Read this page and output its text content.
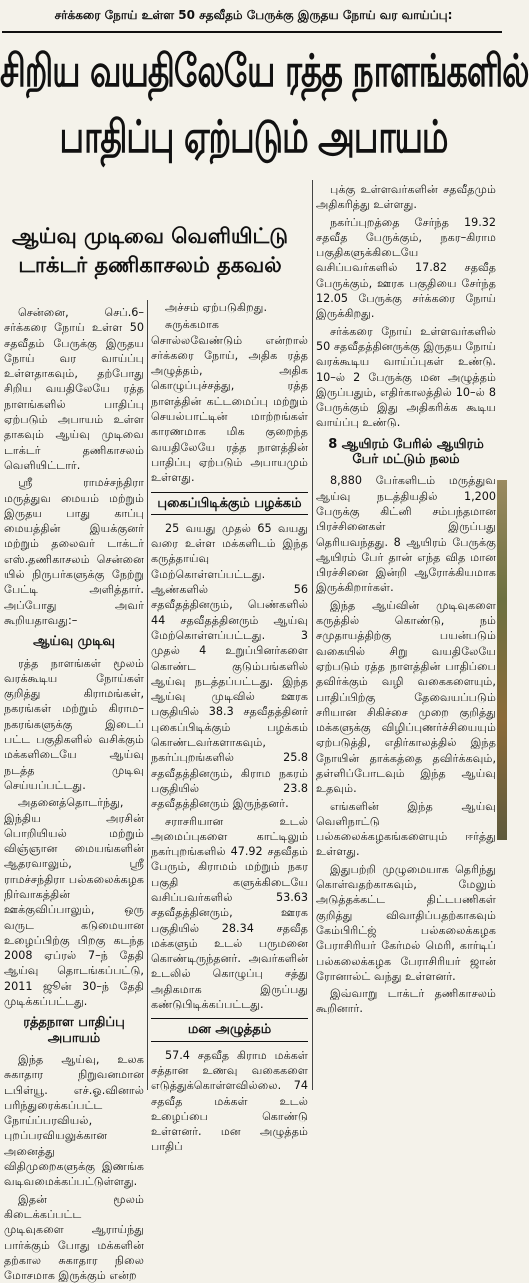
சர்க்கரை நோய் உள்ள 50 சதவீதம் பேருக்கு இருதய நோய் வர வாய்ப்பு:
சிறிய வயதிலேயே ரத்த நாளங்களில்
பாதிப்பு ஏற்படும் அபாயம்
ஆய்வு முடிவை வெளியிட்டு
டாக்டர் தணிகாசலம் தகவல்

சென்னை, செப்.6– சர்க்கரை நோய் உள்ள 50 சதவீதம் பேருக்கு இருதய நோய் வர வாய்ப்பு உள்ளதாகவும், தற்போது சிறிய வயதிலேயே ரத்த நாளங்களில் பாதிப்பு ஏற்படும் அபாயம் உள்ள தாகவும் ஆய்வு முடிவை டாக்டர் தணிகாசலம் வெளியிட்டார்.

ஸ்ரீ ராமச்சந்திரா மருத்துவ மையம் மற்றும் இருதய பாது காப்பு மையத்தின் இயக்குனர் மற்றும் தலைவர் டாக்டர் எஸ்.தணிகாசலம் சென்னை யில் நிருபர்களுக்கு நேற்று பேட்டி அளித்தார். அப்போது அவர் கூறியதாவது:–

ஆய்வு முடிவு

ரத்த நாளங்கள் மூலம் வரக்கூடிய நோய்கள் குறித்து கிராமங்கள், நகரங்கள் மற்றும் கிராம–நகரங்களுக்கு இடைப் பட்ட பகுதிகளில் வசிக்கும் மக்களிடையே ஆய்வு நடத்த முடிவு செய்யப்பட்டது.

அதனைத்தொடர்ந்து, இந்திய அரசின் பொறியியல் மற்றும் விஞ்ஞான மையங்களின் ஆதரவாலும், ஸ்ரீ ராமச்சந்திரா பல்கலைக்கழக நிர்வாகத்தின் ஊக்குவிப்பாலும், ஒரு வருட கடுமையான உழைப்பிற்கு பிறகு கடந்த 2008 ஏப்ரல் 7–ந் தேதி ஆய்வு தொடங்கப்பட்டு, 2011 ஜூன் 30–ந் தேதி முடிக்கப்பட்டது.

ரத்தநாள பாதிப்பு அபாயம்

இந்த ஆய்வு, உலக சுகாதார நிறுவனமான டபிள்யூ. எச்.ஓ.வினால் பரிந்துரைக்கப்பட்ட நோய்ப்பரவியல், புறப்பரவியலுக்கான அனைத்து விதிமுறைகளுக்கு இணங்க வடிவமைக்கப்பட்டுள்ளது.

இதன் மூலம் கிடைக்கப்பட்ட முடிவுகளை ஆராய்ந்து பார்க்கும் போது மக்களின் தற்கால சுகாதார நிலை மோசமாக இருக்கும் என்ற

அச்சம் ஏற்படுகிறது.

சுருக்கமாக சொல்லவேண்டும் என்றால் சர்க்கரை நோய், அதிக ரத்த அழுத்தம், அதிக கொழுப்புச்சத்து, ரத்த நாளத்தின் கட்டமைப்பு மற்றும் செயல்பாட்டின் மாற்றங்கள் காரணமாக மிக குறைந்த வயதிலேயே ரத்த நாளத்தின் பாதிப்பு ஏற்படும் அபாயமும் உள்ளது.

புகைப்பிடிக்கும் பழக்கம்

25 வயது முதல் 65 வயது வரை உள்ள மக்களிடம் இந்த கருத்தாய்வு மேற்கொள்ளப்பட்டது. ஆண்களில் 56 சதவீதத்தினரும், பெண்களில் 44 சதவீதத்தினரும் ஆய்வு மேற்கொள்ளப்பட்டது. 3 முதல் 4 உறுப்பினர்களை கொண்ட குடும்பங்களில் ஆய்வு நடத்தப்பட்டது. இந்த ஆய்வு முடிவில் ஊரக பகுதியில் 38.3 சதவீதத்தினர் புகைப்பிடிக்கும் பழக்கம் கொண்டவர்களாகவும், நகர்ப்புறங்களில் 25.8 சதவீதத்தினரும், கிராம நகரம் பகுதியில் 23.8 சதவீதத்தினரும் இருந்தனர்.

சராசரியான உடல் அமைப்புகளை காட்டிலும் நகர்புறங்களில் 47.92 சதவீதம் பேரும், கிராமம் மற்றும் நகர பகுதி களுக்கிடையே வசிப்பவர்களில் 53.63 சதவீதத்தினரும், ஊரக பகுதியில் 28.34 சதவீத மக்களும் உடல் பருமனை கொண்டிருந்தனர். அவர்களின் உடலில் கொழுப்பு சத்து அதிகமாக இருப்பது கண்டுபிடிக்கப்பட்டது.

மன அழுத்தம்

57.4 சதவீத கிராம மக்கள் சத்தான உணவு வகைகளை எடுத்துக்கொள்ளவில்லை. 74 சதவீத மக்கள் உடல் உழைப்பை கொண்டு உள்ளனர். மன அழுத்தம் பாதிப்

புக்கு உள்ளவர்களின் சதவீதமும் அதிகரித்து உள்ளது.

நகர்ப்புறத்தை சேர்ந்த 19.32 சதவீத பேருக்கும், நகர–கிராம பகுதிகளுக்கிடையே வசிப்பவர்களில் 17.82 சதவீத பேருக்கும், ஊரக பகுதியை சேர்ந்த 12.05 பேருக்கு சர்க்கரை நோய் இருக்கிறது.

சர்க்கரை நோய் உள்ளவர்களில் 50 சதவீதத்தினருக்கு இருதய நோய் வரக்கூடிய வாய்ப்புகள் உண்டு. 10–ல் 2 பேருக்கு மன அழுத்தம் இருப்பதும், எதிர்காலத்தில் 10–ல் 8 பேருக்கும் இது அதிகரிக்க கூடிய வாய்ப்பு உண்டு.

8 ஆயிரம் பேரில் ஆயிரம் பேர் மட்டும் நலம்

8,880 பேர்களிடம் மருத்துவ ஆய்வு நடத்தியதில் 1,200 பேருக்கு கிட்னி சம்பந்தமான பிரச்சினைகள் இருப்பது தெரியவந்தது. 8 ஆயிரம் பேருக்கு ஆயிரம் பேர் தான் எந்த வித மான பிரச்சினை இன்றி ஆரோக்கியமாக இருக்கிறார்கள்.

இந்த ஆய்வின் முடிவுகளை கருத்தில் கொண்டு, நம் சமுதாயத்திற்கு பயன்படும் வகையில் சிறு வயதிலேயே ஏற்படும் ரத்த நாளத்தின் பாதிப்பை தவிர்க்கும் வழி வகைகளையும், பாதிப்பிற்கு தேவையப்படும் சரியான சிகிச்சை முறை குறித்து மக்களுக்கு விழிப்புணர்ச்சியையும் ஏற்படுத்தி, எதிர்காலத்தில் இந்த நோயின் தாக்கத்தை தவிர்க்கவும், தள்ளிப்போடவும் இந்த ஆய்வு உதவும்.

எங்களின் இந்த ஆய்வு வெளிநாட்டு பல்கலைக்கழகங்களையும் ஈர்த்து உள்ளது.

இதுபற்றி முழுமையாக தெரிந்து கொள்வதற்காகவும், மேலும் அடுத்தக்கட்ட திட்டபணிகள் குறித்து விவாதிப்பதற்காகவும் கேம்பிரிட்ஜ் பல்கலைக்கழக பேராசிரியர் கேர்மல் மெரி, கார்டிப் பல்கலைக்கழக பேராசிரியர் ஜான் ரோனால்ட் வந்து உள்ளனர்.

இவ்வாறு டாக்டர் தணிகாசலம் கூறினார்.
